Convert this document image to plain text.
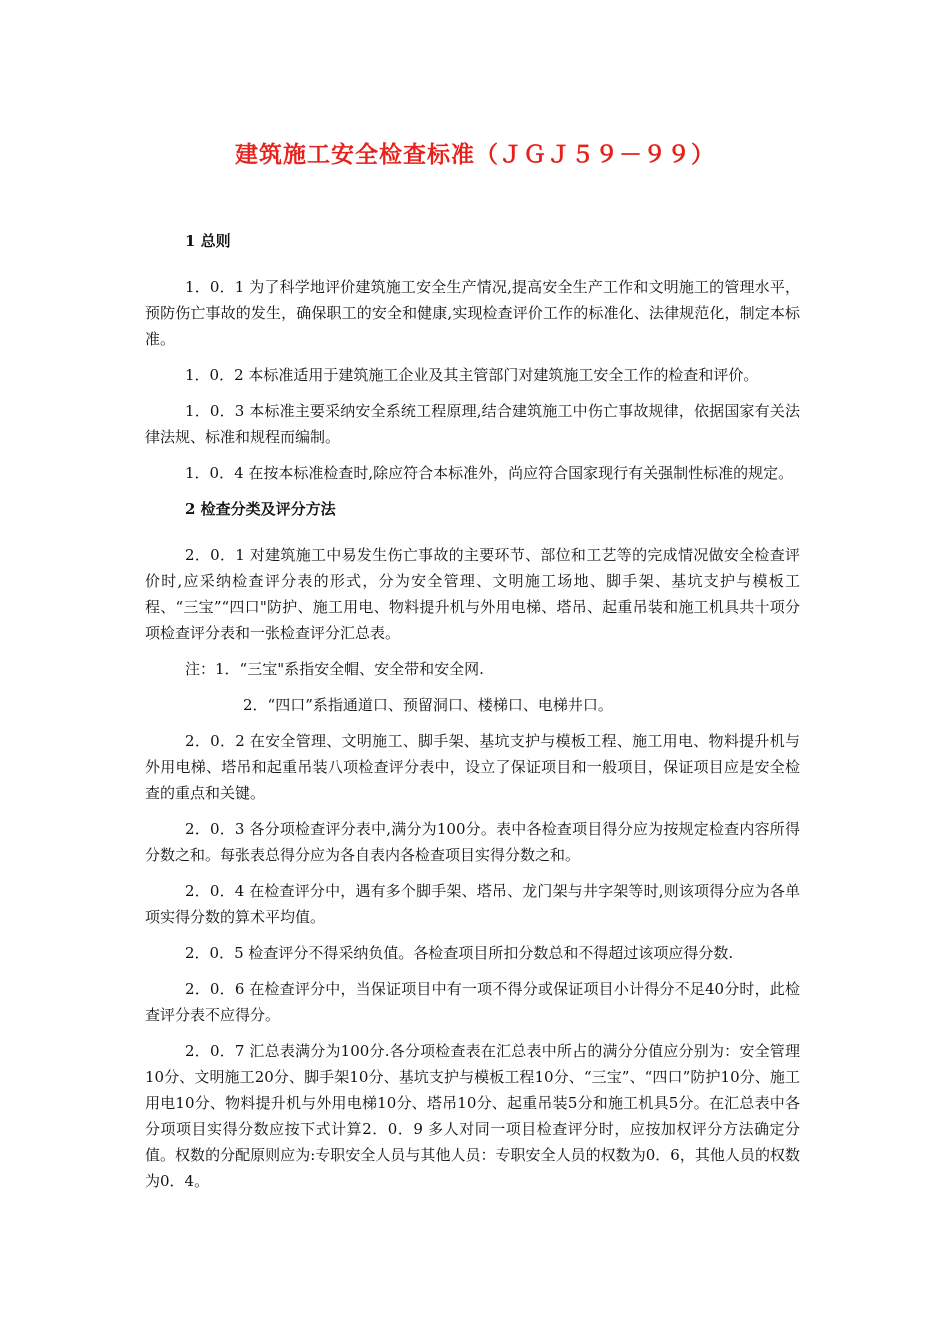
建筑施工安全检查标准（ＪＧＪ５９－９９）
1 总则

1．0．1 为了科学地评价建筑施工安全生产情况,提高安全生产工作和文明施工的管理水平，预防伤亡事故的发生，确保职工的安全和健康,实现检查评价工作的标准化、法律规范化，制定本标准。

1．0．2 本标准适用于建筑施工企业及其主管部门对建筑施工安全工作的检查和评价。

1．0．3 本标准主要采纳安全系统工程原理,结合建筑施工中伤亡事故规律，依据国家有关法律法规、标准和规程而编制。

1．0．4 在按本标准检查时,除应符合本标准外，尚应符合国家现行有关强制性标准的规定。

2 检查分类及评分方法

2．0．1 对建筑施工中易发生伤亡事故的主要环节、部位和工艺等的完成情况做安全检查评价时,应采纳检查评分表的形式，分为安全管理、文明施工场地、脚手架、基坑支护与模板工程、“三宝”“四口"防护、施工用电、物料提升机与外用电梯、塔吊、起重吊装和施工机具共十项分项检查评分表和一张检查评分汇总表。

注：1．“三宝"系指安全帽、安全带和安全网.

2．“四口”系指通道口、预留洞口、楼梯口、电梯井口。

2．0．2 在安全管理、文明施工、脚手架、基坑支护与模板工程、施工用电、物料提升机与外用电梯、塔吊和起重吊装八项检查评分表中，设立了保证项目和一般项目，保证项目应是安全检查的重点和关键。

2．0．3 各分项检查评分表中,满分为100分。表中各检查项目得分应为按规定检查内容所得分数之和。每张表总得分应为各自表内各检查项目实得分数之和。

2．0．4 在检查评分中，遇有多个脚手架、塔吊、龙门架与井字架等时,则该项得分应为各单项实得分数的算术平均值。

2．0．5 检查评分不得采纳负值。各检查项目所扣分数总和不得超过该项应得分数.

2．0．6 在检查评分中，当保证项目中有一项不得分或保证项目小计得分不足40分时，此检查评分表不应得分。

2．0．7 汇总表满分为100分.各分项检查表在汇总表中所占的满分分值应分别为：安全管理10分、文明施工20分、脚手架10分、基坑支护与模板工程10分、“三宝”、“四口”防护10分、施工用电10分、物料提升机与外用电梯10分、塔吊10分、起重吊装5分和施工机具5分。在汇总表中各分项项目实得分数应按下式计算2．0．9 多人对同一项目检查评分时，应按加权评分方法确定分值。权数的分配原则应为:专职安全人员与其他人员：专职安全人员的权数为0．6，其他人员的权数为0．4。
